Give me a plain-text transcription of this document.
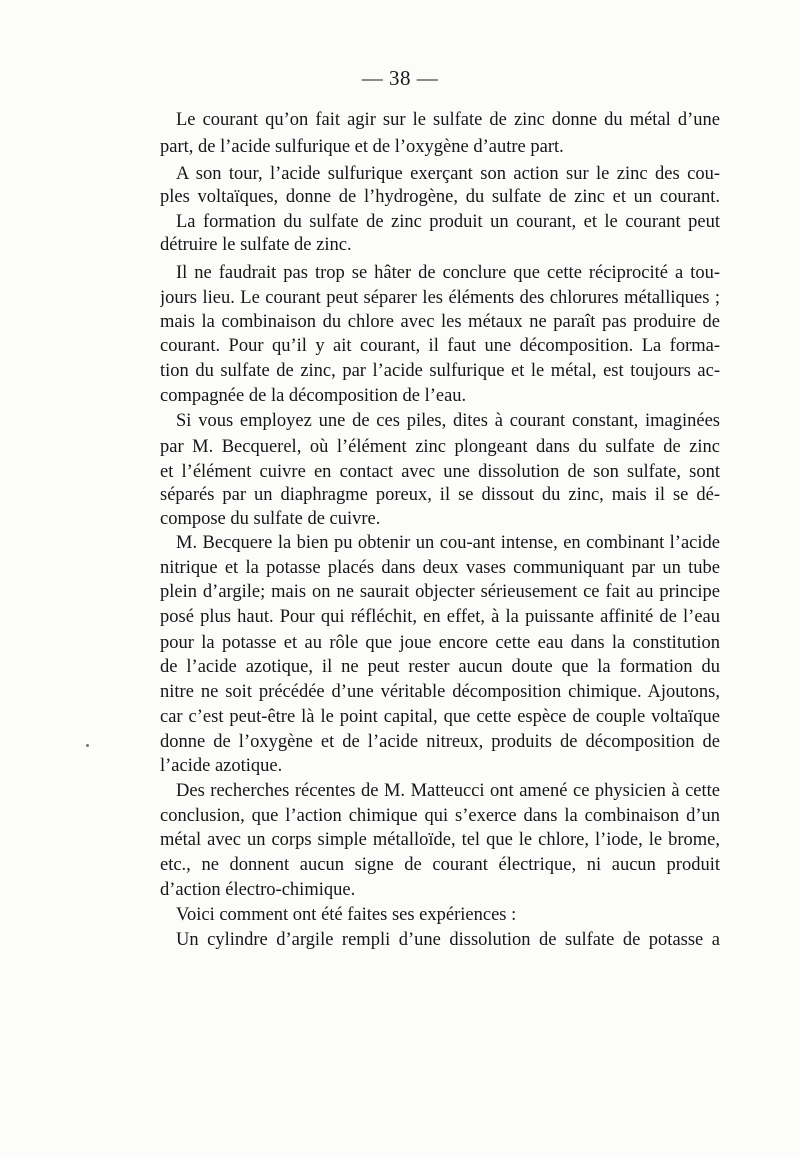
— 38 —
Le courant qu’on fait agir sur le sulfate de zinc donne du métal d’une
part, de l’acide sulfurique et de l’oxygène d’autre part.
A son tour, l’acide sulfurique exerçant son action sur le zinc des cou-
ples voltaïques, donne de l’hydrogène, du sulfate de zinc et un courant.
La formation du sulfate de zinc produit un courant, et le courant peut
détruire le sulfate de zinc.
Il ne faudrait pas trop se hâter de conclure que cette réciprocité a tou-
jours lieu. Le courant peut séparer les éléments des chlorures métalliques ;
mais la combinaison du chlore avec les métaux ne paraît pas produire de
courant. Pour qu’il y ait courant, il faut une décomposition. La forma-
tion du sulfate de zinc, par l’acide sulfurique et le métal, est toujours ac-
compagnée de la décomposition de l’eau.
Si vous employez une de ces piles, dites à courant constant, imaginées
par M. Becquerel, où l’élément zinc plongeant dans du sulfate de zinc
et l’élément cuivre en contact avec une dissolution de son sulfate, sont
séparés par un diaphragme poreux, il se dissout du zinc, mais il se dé-
compose du sulfate de cuivre.
M. Becquere la bien pu obtenir un cou-ant intense, en combinant l’acide
nitrique et la potasse placés dans deux vases communiquant par un tube
plein d’argile; mais on ne saurait objecter sérieusement ce fait au principe
posé plus haut. Pour qui réfléchit, en effet, à la puissante affinité de l’eau
pour la potasse et au rôle que joue encore cette eau dans la constitution
de l’acide azotique, il ne peut rester aucun doute que la formation du
nitre ne soit précédée d’une véritable décomposition chimique. Ajoutons,
car c’est peut-être là le point capital, que cette espèce de couple voltaïque
donne de l’oxygène et de l’acide nitreux, produits de décomposition de
l’acide azotique.
Des recherches récentes de M. Matteucci ont amené ce physicien à cette
conclusion, que l’action chimique qui s’exerce dans la combinaison d’un
métal avec un corps simple métalloïde, tel que le chlore, l’iode, le brome,
etc., ne donnent aucun signe de courant électrique, ni aucun produit
d’action électro-chimique.
Voici comment ont été faites ses expériences :
Un cylindre d’argile rempli d’une dissolution de sulfate de potasse a
